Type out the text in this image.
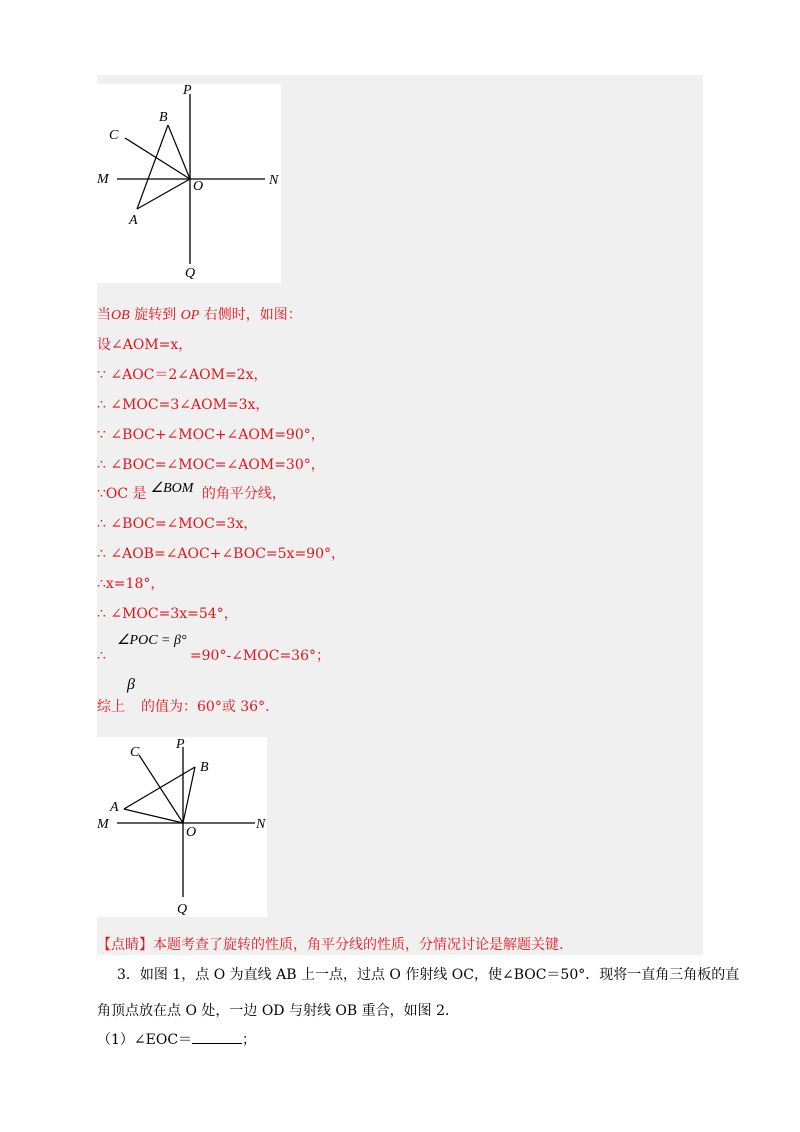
P
B
C
M	O	N
A
Q
当OB 旋转到 OP 右侧时，如图：
设∠AOM=x，
∵ ∠AOC＝2∠AOM=2x，
∴ ∠MOC=3∠AOM=3x，
∵ ∠BOC+∠MOC+∠AOM=90°，
∴ ∠BOC=∠MOC=∠AOM=30°，
∵OC 是 ∠BOM 的角平分线，
∴ ∠BOC=∠MOC=3x，
∴ ∠AOB=∠AOC+∠BOC=5x=90°，
∴x=18°，
∴ ∠MOC=3x=54°，
∠POC = β°
∴	=90°-∠MOC=36°；
β
综上 的值为：60°或 36°.
C
P
B
A
M
O
N
Q
【点睛】本题考查了旋转的性质，角平分线的性质，分情况讨论是解题关键.
3．如图 1，点 O 为直线 AB 上一点，过点 O 作射线 OC，使∠BOC＝50°．现将一直角三角板的直
角顶点放在点 O 处，一边 OD 与射线 OB 重合，如图 2．
（1）∠EOC＝	；
